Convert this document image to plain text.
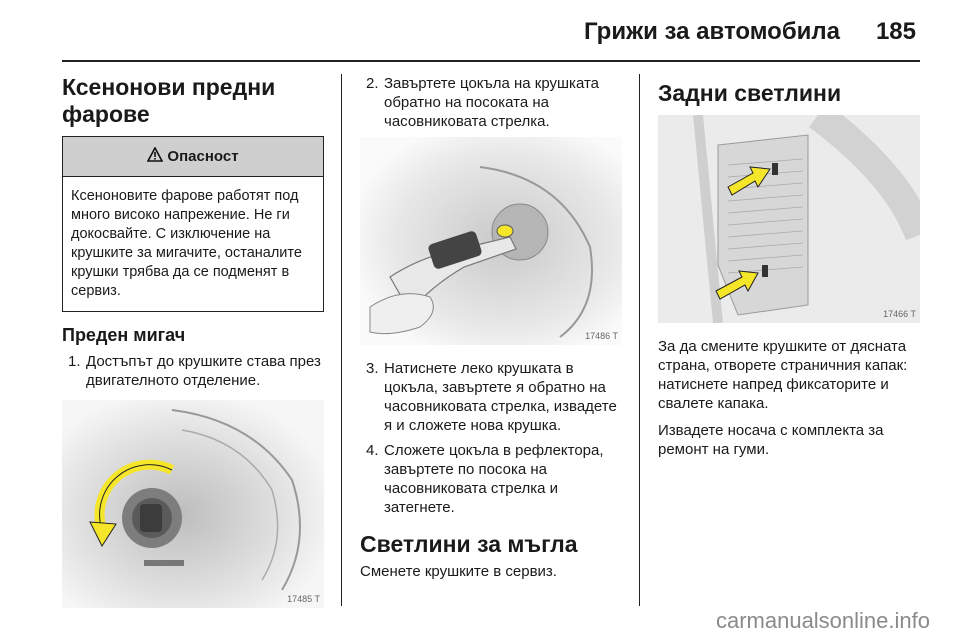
Грижи за автомобила 185
Ксенонови предни фарове
Опасност
Ксеноновите фарове работят под много високо напрежение. Не ги докосвайте. С изключение на крушките за мигачите, останалите крушки трябва да се подменят в сервиз.
Преден мигач
1. Достъпът до крушките става през двигателното отделение.
17485 T
2. Завъртете цокъла на крушката обратно на посоката на часовниковата стрелка.
17486 T
3. Натиснете леко крушката в цокъла, завъртете я обратно на часовниковата стрелка, извадете я и сложете нова крушка.
4. Сложете цокъла в рефлектора, завъртете по посока на часовниковата стрелка и затегнете.
Светлини за мъгла

Сменете крушките в сервиз.

Задни светлини
17466 T

За да смените крушките от дясната страна, отворете страничния капак: натиснете напред фиксаторите и свалете капака.

Извадете носача с комплекта за ремонт на гуми.

carmanualsonline.info
